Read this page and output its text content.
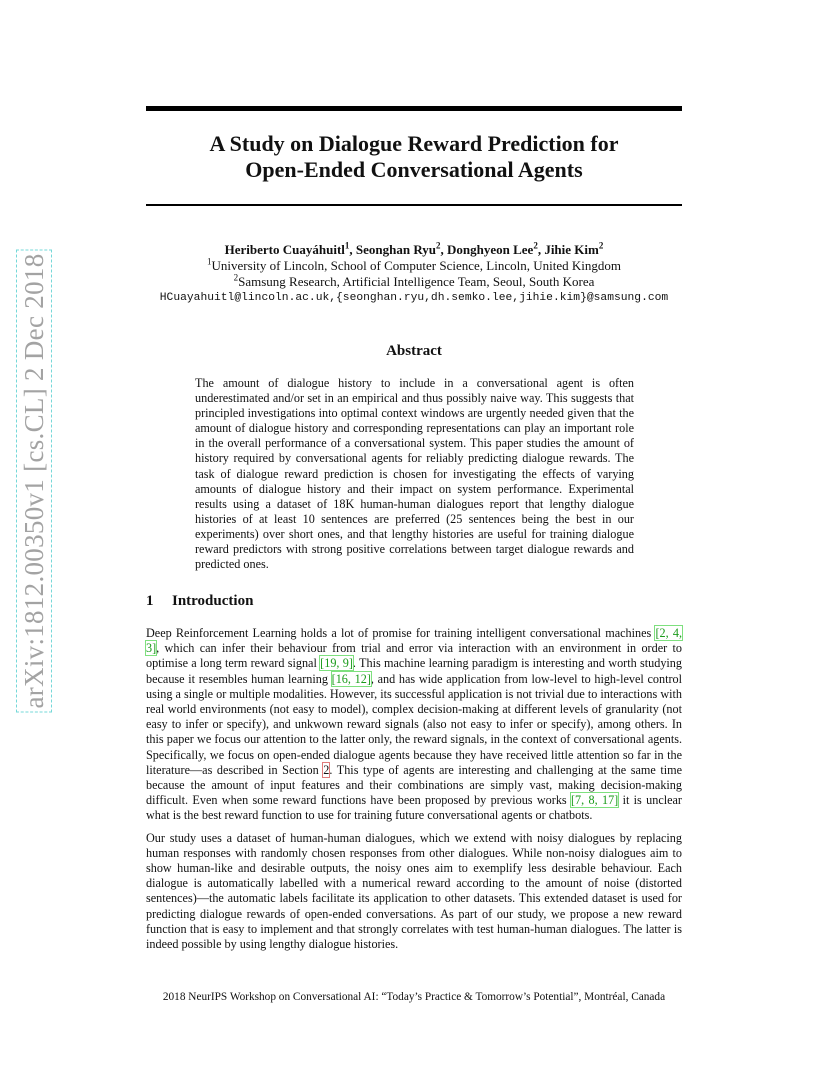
arXiv:1812.00350v1 [cs.CL] 2 Dec 2018
A Study on Dialogue Reward Prediction for
Open-Ended Conversational Agents
Heriberto Cuayáhuitl$^1$, Seonghan Ryu$^2$, Donghyeon Lee$^2$, Jihie Kim$^2$
$^1$University of Lincoln, School of Computer Science, Lincoln, United Kingdom
$^2$Samsung Research, Artificial Intelligence Team, Seoul, South Korea
HCuayahuitl@lincoln.ac.uk,{seonghan.ryu,dh.semko.lee,jihie.kim}@samsung.com
Abstract

The amount of dialogue history to include in a conversational agent is often underestimated and/or set in an empirical and thus possibly naive way. This suggests that principled investigations into optimal context windows are urgently needed given that the amount of dialogue history and corresponding representations can play an important role in the overall performance of a conversational system. This paper studies the amount of history required by conversational agents for reliably predicting dialogue rewards. The task of dialogue reward prediction is chosen for investigating the effects of varying amounts of dialogue history and their impact on system performance. Experimental results using a dataset of 18K human-human dialogues report that lengthy dialogue histories of at least 10 sentences are preferred (25 sentences being the best in our experiments) over short ones, and that lengthy histories are useful for training dialogue reward predictors with strong positive correlations between target dialogue rewards and predicted ones.

1 Introduction

Deep Reinforcement Learning holds a lot of promise for training intelligent conversational machines [2, 4, 3], which can infer their behaviour from trial and error via interaction with an environment in order to optimise a long term reward signal [19, 9]. This machine learning paradigm is interesting and worth studying because it resembles human learning [16, 12], and has wide application from low-level to high-level control using a single or multiple modalities. However, its successful application is not trivial due to interactions with real world environments (not easy to model), complex decision-making at different levels of granularity (not easy to infer or specify), and unkwown reward signals (also not easy to infer or specify), among others. In this paper we focus our attention to the latter only, the reward signals, in the context of conversational agents. Specifically, we focus on open-ended dialogue agents because they have received little attention so far in the literature—as described in Section 2. This type of agents are interesting and challenging at the same time because the amount of input features and their combinations are simply vast, making decision-making difficult. Even when some reward functions have been proposed by previous works [7, 8, 17] it is unclear what is the best reward function to use for training future conversational agents or chatbots.

Our study uses a dataset of human-human dialogues, which we extend with noisy dialogues by replacing human responses with randomly chosen responses from other dialogues. While non-noisy dialogues aim to show human-like and desirable outputs, the noisy ones aim to exemplify less desirable behaviour. Each dialogue is automatically labelled with a numerical reward according to the amount of noise (distorted sentences)—the automatic labels facilitate its application to other datasets. This extended dataset is used for predicting dialogue rewards of open-ended conversations. As part of our study, we propose a new reward function that is easy to implement and that strongly correlates with test human-human dialogues. The latter is indeed possible by using lengthy dialogue histories.

2018 NeurIPS Workshop on Conversational AI: “Today’s Practice & Tomorrow’s Potential”, Montréal, Canada
